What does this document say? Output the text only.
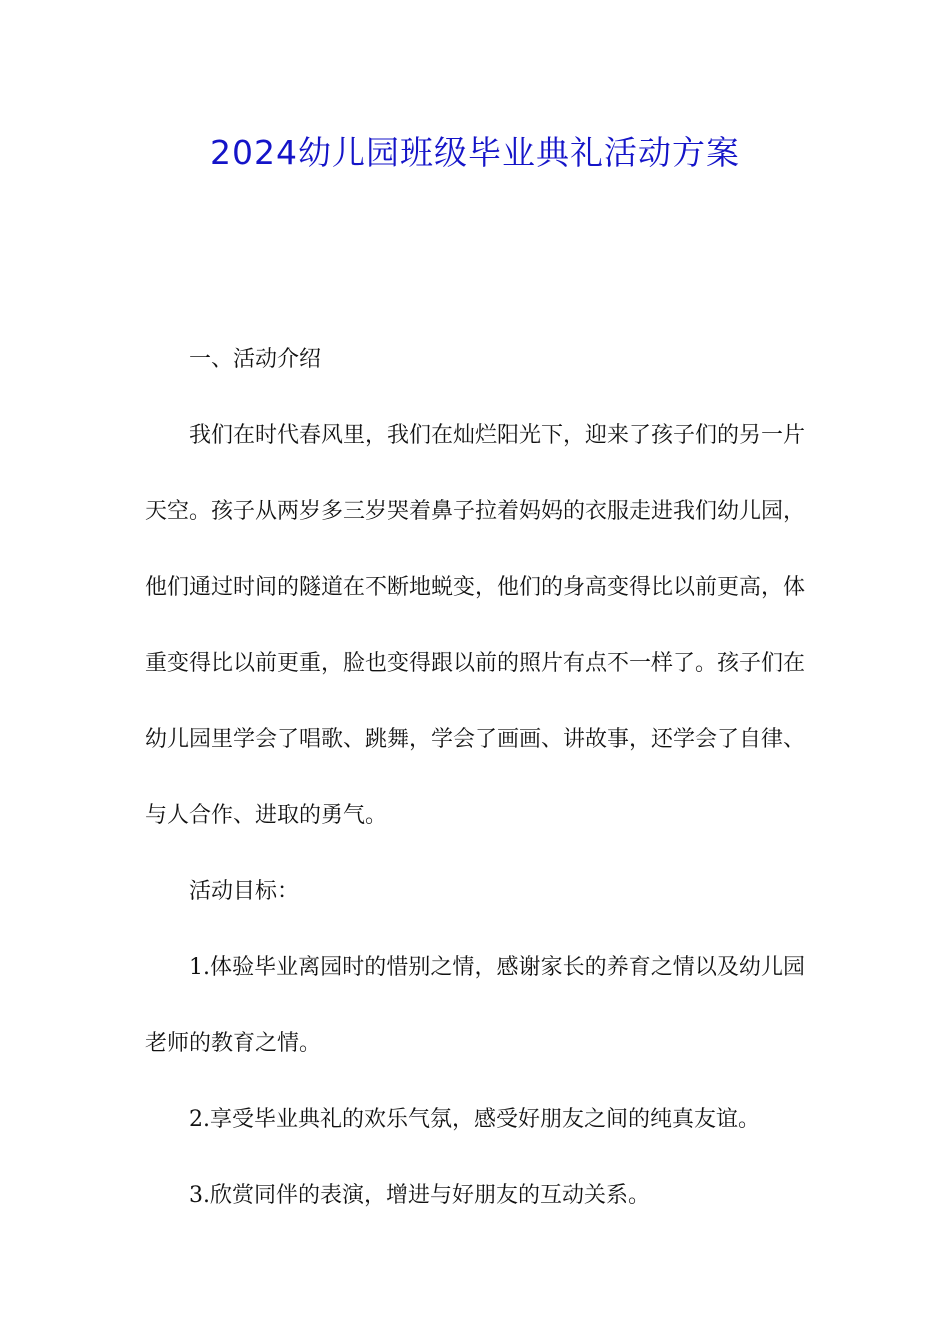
2024幼儿园班级毕业典礼活动方案

一、活动介绍

我们在时代春风里，我们在灿烂阳光下，迎来了孩子们的另一片天空。孩子从两岁多三岁哭着鼻子拉着妈妈的衣服走进我们幼儿园，他们通过时间的隧道在不断地蜕变，他们的身高变得比以前更高，体重变得比以前更重，脸也变得跟以前的照片有点不一样了。孩子们在幼儿园里学会了唱歌、跳舞，学会了画画、讲故事，还学会了自律、与人合作、进取的勇气。

活动目标：

1.体验毕业离园时的惜别之情，感谢家长的养育之情以及幼儿园老师的教育之情。

2.享受毕业典礼的欢乐气氛，感受好朋友之间的纯真友谊。

3.欣赏同伴的表演，增进与好朋友的互动关系。
